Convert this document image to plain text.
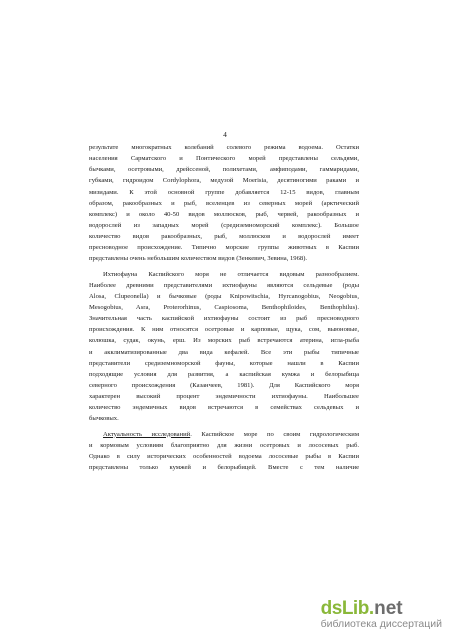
4
результате многократных колебаний солевого режима водоема. Остатки
населения Сарматского и Понтического морей представлены сельдями,
бычками, осетровыми, дрейссеной, полихетами, амфиподами, гаммаридами,
губками, гидроидом Cordylophora, медузой Moerisia, десятиногими раками и
мизидами. К этой основной группе добавляется 12-15 видов, главным
образом, ракообразных и рыб, вселенцев из северных морей (арктический
комплекс) и около 40-50 видов моллюсков, рыб, червей, ракообразных и
водорослей из западных морей (средиземноморский комплекс). Большое
количество видов ракообразных, рыб, моллюсков и водорослей имеет
пресноводное происхождение. Типично морские группы животных в Каспии
представлены очень небольшим количеством видов (Зенкевич, Зевина, 1968).
Ихтиофауна Каспийского моря не отличается видовым разнообразием.
Наиболее древними представителями ихтиофауны являются сельдевые (роды
Alosa, Clupeonella) и бычковые (роды Knipowitschia, Hyrcanogobius, Neogobius,
Mesogobius, Asra, Proterorhinus, Caspiosoma, Benthophiloides, Benthophilus).
Значительная часть каспийской ихтиофауны состоит из рыб пресноводного
происхождения. К ним относятся осетровые и карповые, щука, сом, выюновые,
колюшка, судак, окунь, ерш. Из морских рыб встречаются атерина, игла-рыба
и акклиматизированные два вида кефалей. Все эти рыбы типичные
представители средиземноморской фауны, которые нашли в Каспии
подходящие условия для развития, а каспийская кумжа и белорыбица
северного происхождения (Казанчеев, 1981). Для Каспийского моря
характерен высокий процент эндемичности ихтиофауны. Наибольшее
количество эндемичных видов встречаются в семействах сельдевых и
бычковых.
Актуальность исследований. Каспийское море по своим гидрологическим
и кормовым условиям благоприятно для жизни осетровых и лососевых рыб.
Однако в силу исторических особенностей водоема лососевые рыбы в Каспии
представлены только кумжей и белорыбицей. Вместе с тем наличие
dsLib . net
библиотека диссертаций
